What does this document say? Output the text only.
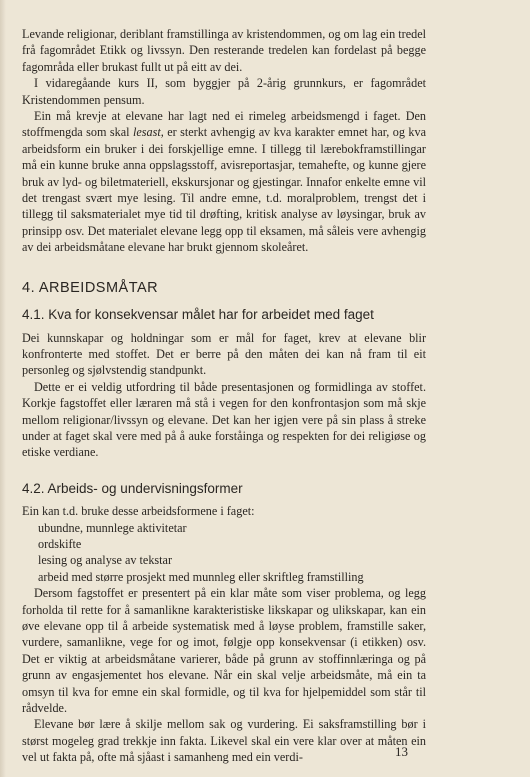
Levande religionar, deriblant framstillinga av kristendommen, og om lag ein tredel frå fagområdet Etikk og livssyn. Den resterande tredelen kan fordelast på begge fagområda eller brukast fullt ut på eitt av dei.

I vidaregåande kurs II, som byggjer på 2-årig grunnkurs, er fagområdet Kristendommen pensum.

Ein må krevje at elevane har lagt ned ei rimeleg arbeidsmengd i faget. Den stoffmengda som skal lesast, er sterkt avhengig av kva karakter emnet har, og kva arbeidsform ein bruker i dei forskjellige emne. I tillegg til lærebokframstillingar må ein kunne bruke anna oppslagsstoff, avisreportasjar, temahefte, og kunne gjere bruk av lyd- og biletmateriell, ekskursjonar og gjestingar. Innafor enkelte emne vil det trengast svært mye lesing. Til andre emne, t.d. moralproblem, trengst det i tillegg til saksmaterialet mye tid til drøfting, kritisk analyse av løysingar, bruk av prinsipp osv. Det materialet elevane legg opp til eksamen, må såleis vere avhengig av dei arbeidsmåtane elevane har brukt gjennom skoleåret.

4. ARBEIDSMÅTAR
4.1. Kva for konsekvensar målet har for arbeidet med faget

Dei kunnskapar og holdningar som er mål for faget, krev at elevane blir konfronterte med stoffet. Det er berre på den måten dei kan nå fram til eit personleg og sjølvstendig standpunkt.

Dette er ei veldig utfordring til både presentasjonen og formidlinga av stoffet. Korkje fagstoffet eller læraren må stå i vegen for den konfrontasjon som må skje mellom religionar/livssyn og elevane. Det kan her igjen vere på sin plass å streke under at faget skal vere med på å auke forståinga og respekten for dei religiøse og etiske verdiane.

4.2. Arbeids- og undervisningsformer

Ein kan t.d. bruke desse arbeidsformene i faget:

ubundne, munnlege aktivitetar
ordskifte
lesing og analyse av tekstar
arbeid med større prosjekt med munnleg eller skriftleg framstilling

Dersom fagstoffet er presentert på ein klar måte som viser problema, og legg forholda til rette for å samanlikne karakteristiske likskapar og ulikskapar, kan ein øve elevane opp til å arbeide systematisk med å løyse problem, framstille saker, vurdere, samanlikne, vege for og imot, følgje opp konsekvensar (i etikken) osv. Det er viktig at arbeidsmåtane varierer, både på grunn av stoffinnlæringa og på grunn av engasjementet hos elevane. Når ein skal velje arbeidsmåte, må ein ta omsyn til kva for emne ein skal formidle, og til kva for hjelpemiddel som står til rådvelde.

Elevane bør lære å skilje mellom sak og vurdering. Ei saksframstilling bør i størst mogeleg grad trekkje inn fakta. Likevel skal ein vere klar over at måten ein vel ut fakta på, ofte må sjåast i samanheng med ein verdi-	13
